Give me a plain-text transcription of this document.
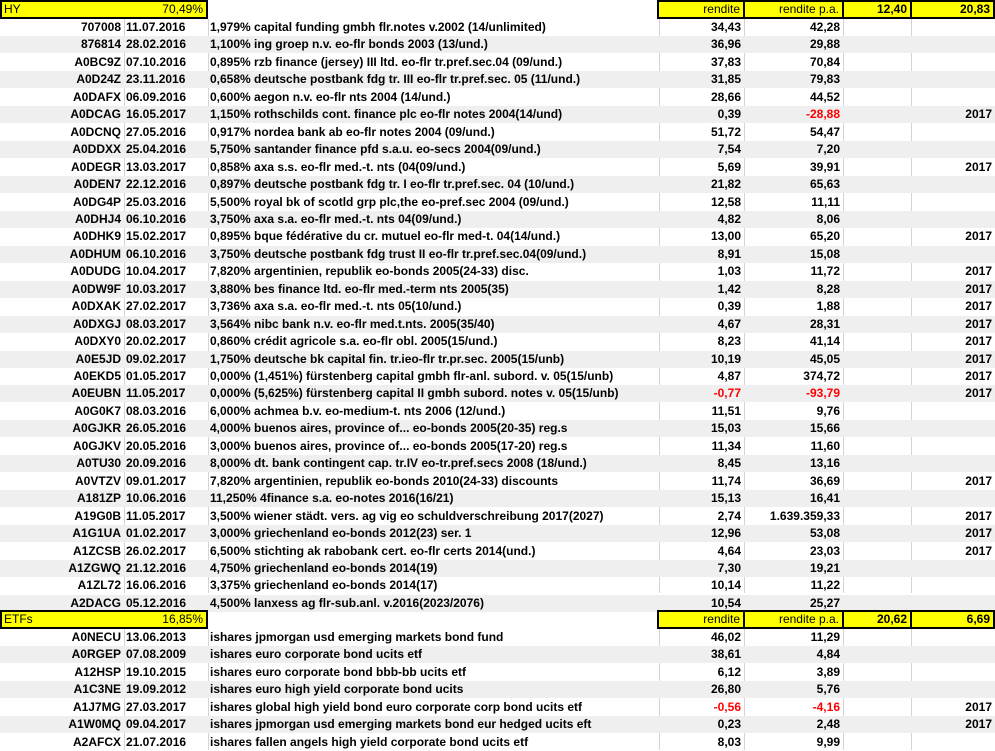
HY	70,49%	rendite	rendite p.a.	12,40	20,83
707008 11.07.2016	1,979% capital funding gmbh flr.notes v.2002 (14/unlimited)	34,43	42,28
876814 28.02.2016	1,100% ing groep n.v. eo-flr bonds 2003 (13/und.)	36,96	29,88
A0BC9Z 07.10.2016	0,895% rzb finance (jersey) III ltd. eo-flr tr.pref.sec.04 (09/und.)	37,83	70,84
A0D24Z 23.11.2016	0,658% deutsche postbank fdg tr. III eo-flr tr.pref.sec. 05 (11/und.)	31,85	79,83
A0DAFX 06.09.2016	0,600% aegon n.v. eo-flr nts 2004 (14/und.)	28,66	44,52
A0DCAG 16.05.2017	1,150% rothschilds cont. finance plc eo-flr notes 2004(14/und)	0,39	-28,88	2017
A0DCNQ 27.05.2016	0,917% nordea bank ab eo-flr notes 2004 (09/und.)	51,72	54,47
A0DDXX 25.04.2016	5,750% santander finance pfd s.a.u. eo-secs 2004(09/und.)	7,54	7,20
A0DEGR 13.03.2017	0,858% axa s.s. eo-flr med.-t. nts (04(09/und.)	5,69	39,91	2017
A0DEN7 22.12.2016	0,897% deutsche postbank fdg tr. I eo-flr tr.pref.sec. 04 (10/und.)	21,82	65,63
A0DG4P 25.03.2016	5,500% royal bk of scotld grp plc,the eo-pref.sec 2004 (09/und.)	12,58	11,11
A0DHJ4 06.10.2016	3,750% axa s.a. eo-flr med.-t. nts 04(09/und.)	4,82	8,06
A0DHK9 15.02.2017	0,895% bque fédérative du cr. mutuel eo-flr med-t. 04(14/und.)	13,00	65,20	2017
A0DHUM 06.10.2016	3,750% deutsche postbank fdg trust II eo-flr tr.pref.sec.04(09/und.)	8,91	15,08
A0DUDG 10.04.2017	7,820% argentinien, republik eo-bonds 2005(24-33) disc.	1,03	11,72	2017
A0DW9F 10.03.2017	3,880% bes finance ltd. eo-flr med.-term nts 2005(35)	1,42	8,28	2017
A0DXAK 27.02.2017	3,736% axa s.a. eo-flr med.-t. nts 05(10/und.)	0,39	1,88	2017
A0DXGJ 08.03.2017	3,564% nibc bank n.v. eo-flr med.t.nts. 2005(35/40)	4,67	28,31	2017
A0DXY0 20.02.2017	0,860% crédit agricole s.a. eo-flr obl. 2005(15/und.)	8,23	41,14	2017
A0E5JD 09.02.2017	1,750% deutsche bk capital fin. tr.ieo-flr tr.pr.sec. 2005(15/unb)	10,19	45,05	2017
A0EKD5 01.05.2017	0,000% (1,451%) fürstenberg capital gmbh flr-anl. subord. v. 05(15/unb)	4,87	374,72	2017
A0EUBN 11.05.2017	0,000% (5,625%) fürstenberg capital II gmbh subord. notes v. 05(15/unb)	-0,77	-93,79	2017
A0G0K7 08.03.2016	6,000% achmea b.v. eo-medium-t. nts 2006 (12/und.)	11,51	9,76
A0GJKR 26.05.2016	4,000% buenos aires, province of... eo-bonds 2005(20-35) reg.s	15,03	15,66
A0GJKV 20.05.2016	3,000% buenos aires, province of... eo-bonds 2005(17-20) reg.s	11,34	11,60
A0TU30 20.09.2016	8,000% dt. bank contingent cap. tr.IV eo-tr.pref.secs 2008 (18/und.)	8,45	13,16
A0VTZV 09.01.2017	7,820% argentinien, republik eo-bonds 2010(24-33) discounts	11,74	36,69	2017
A181ZP 10.06.2016	11,250% 4finance s.a. eo-notes 2016(16/21)	15,13	16,41
A19G0B 11.05.2017	3,500% wiener städt. vers. ag vig eo schuldverschreibung 2017(2027)	2,74	1.639.359,33	2017
A1G1UA 01.02.2017	3,000% griechenland eo-bonds 2012(23) ser. 1	12,96	53,08	2017
A1ZCSB 26.02.2017	6,500% stichting ak rabobank cert. eo-flr certs 2014(und.)	4,64	23,03	2017
A1ZGWQ 21.12.2016	4,750% griechenland eo-bonds 2014(19)	7,30	19,21
A1ZL72 16.06.2016	3,375% griechenland eo-bonds 2014(17)	10,14	11,22
A2DACG 05.12.2016	4,500% lanxess ag flr-sub.anl. v.2016(2023/2076)	10,54	25,27
ETFs	16,85%	rendite	rendite p.a.	20,62	6,69
A0NECU 13.06.2013	ishares jpmorgan usd emerging markets bond fund	46,02	11,29
A0RGEP 07.08.2009	ishares euro corporate bond ucits etf	38,61	4,84
A12HSP 19.10.2015	ishares euro corporate bond bbb-bb ucits etf	6,12	3,89
A1C3NE 19.09.2012	ishares euro high yield corporate bond ucits	26,80	5,76
A1J7MG 27.03.2017	ishares global high yield bond euro corporate corp bond ucits etf	-0,56	-4,16	2017
A1W0MQ 09.04.2017	ishares jpmorgan usd emerging markets bond eur hedged ucits eft	0,23	2,48	2017
A2AFCX 21.07.2016	ishares fallen angels high yield corporate bond ucits etf	8,03	9,99
